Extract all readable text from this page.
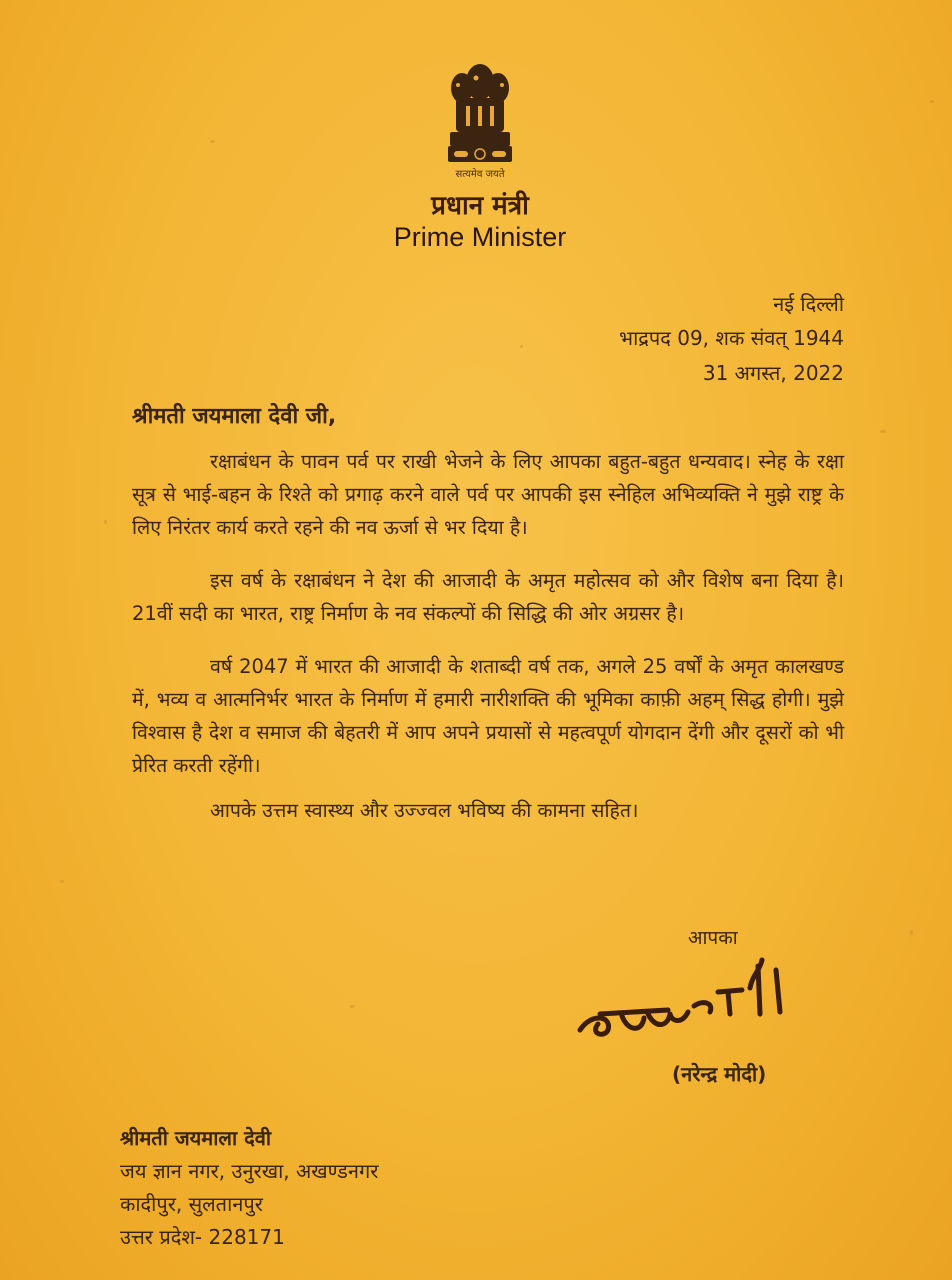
सत्यमेव जयते
प्रधान मंत्री
Prime Minister
नई दिल्ली
भाद्रपद 09, शक संवत् 1944
31 अगस्त, 2022
श्रीमती जयमाला देवी जी,

रक्षाबंधन के पावन पर्व पर राखी भेजने के लिए आपका बहुत-बहुत धन्यवाद। स्नेह के रक्षा सूत्र से भाई-बहन के रिश्ते को प्रगाढ़ करने वाले पर्व पर आपकी इस स्नेहिल अभिव्यक्ति ने मुझे राष्ट्र के लिए निरंतर कार्य करते रहने की नव ऊर्जा से भर दिया है।

इस वर्ष के रक्षाबंधन ने देश की आजादी के अमृत महोत्सव को और विशेष बना दिया है। 21वीं सदी का भारत, राष्ट्र निर्माण के नव संकल्पों की सिद्धि की ओर अग्रसर है।

वर्ष 2047 में भारत की आजादी के शताब्दी वर्ष तक, अगले 25 वर्षों के अमृत कालखण्ड में, भव्य व आत्मनिर्भर भारत के निर्माण में हमारी नारीशक्ति की भूमिका काफ़ी अहम् सिद्ध होगी। मुझे विश्वास है देश व समाज की बेहतरी में आप अपने प्रयासों से महत्वपूर्ण योगदान देंगी और दूसरों को भी प्रेरित करती रहेंगी।

आपके उत्तम स्वास्थ्य और उज्ज्वल भविष्य की कामना सहित।

आपका
(नरेन्द्र मोदी)
श्रीमती जयमाला देवी
जय ज्ञान नगर, उनुरखा, अखण्डनगर
कादीपुर, सुलतानपुर
उत्तर प्रदेश- 228171
